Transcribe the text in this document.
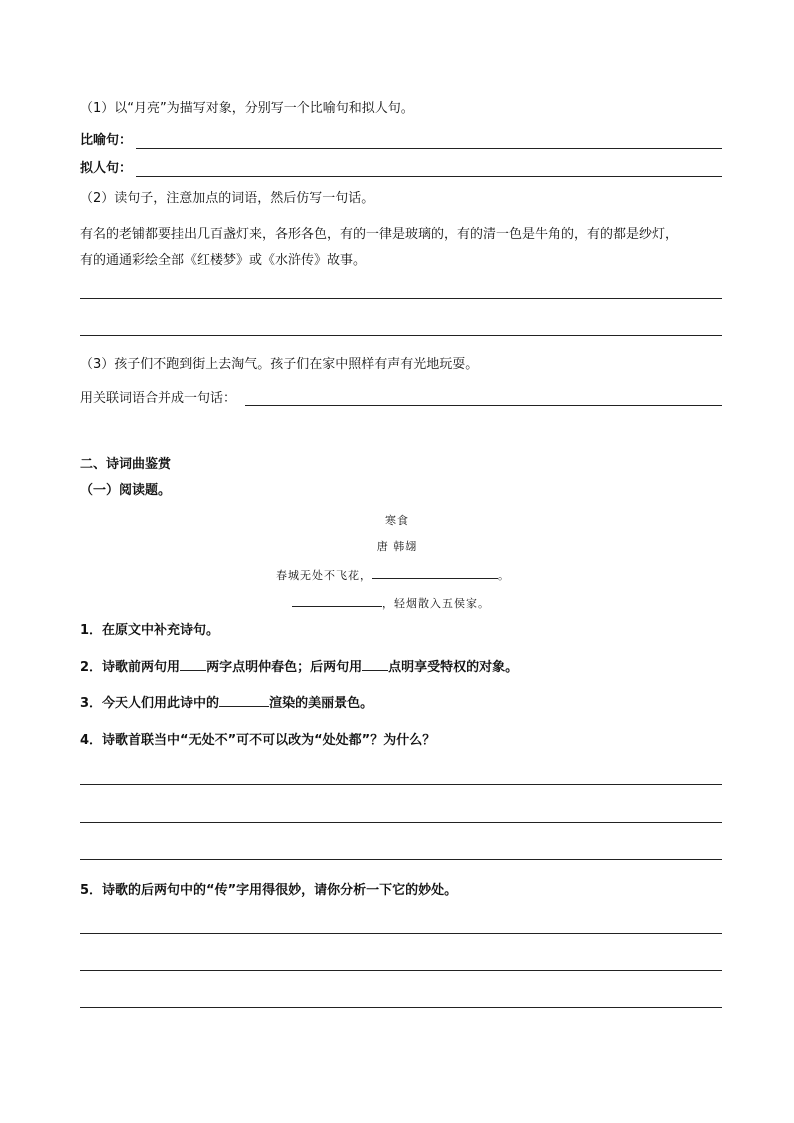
（1）以“月亮”为描写对象，分别写一个比喻句和拟人句。
比喻句：
拟人句：
（2）读句子，注意加点的词语，然后仿写一句话。
有名的老铺都要挂出几百盏灯来，各形各色，有的一律是玻璃的，有的清一色是牛角的，有的都是纱灯，
有的通通彩绘全部《红楼梦》或《水浒传》故事。
（3）孩子们不跑到街上去淘气。孩子们在家中照样有声有光地玩耍。
用关联词语合并成一句话：
二、诗词曲鉴赏
（一）阅读题。
寒食
唐 韩翃
春城无处不飞花，	。
，轻烟散入五侯家。
1．在原文中补充诗句。
2．诗歌前两句用 两字点明仲春色；后两句用 点明享受特权的对象。
3．今天人们用此诗中的	渲染的美丽景色。
4．诗歌首联当中“无处不”可不可以改为“处处都”？为什么？
5．诗歌的后两句中的“传”字用得很妙，请你分析一下它的妙处。
